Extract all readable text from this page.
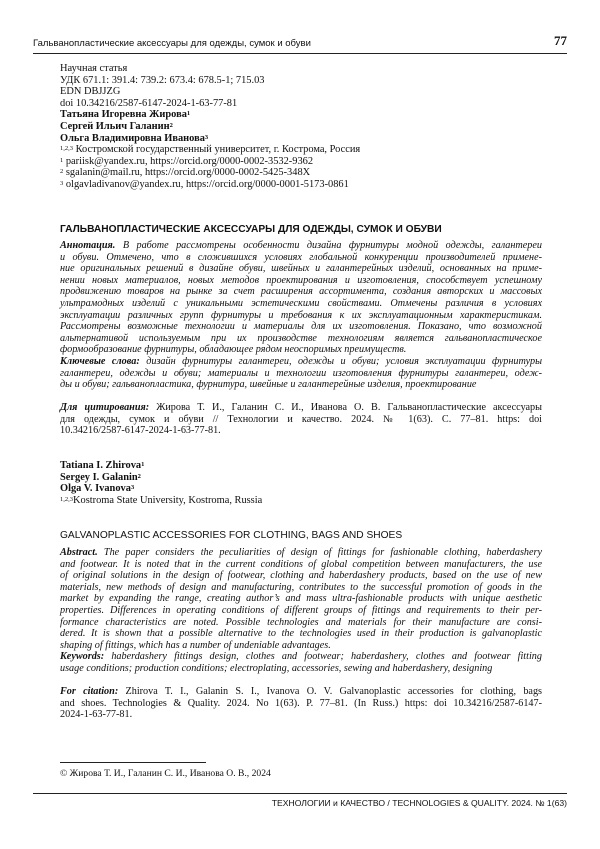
Гальванопластические аксессуары для одежды, сумок и обуви	77
Научная статья
УДК 671.1: 391.4: 739.2: 673.4: 678.5-1; 715.03
EDN DBJJZG
doi 10.34216/2587-6147-2024-1-63-77-81
Татьяна Игоревна Жирова$^1$
Сергей Ильич Галанин$^2$
Ольга Владимировна Иванова$^3$
$^{1,2,3}$ Костромской государственный университет, г. Кострома, Россия
$^1$ pariisk@yandex.ru, https://orcid.org/0000-0002-3532-9362
$^2$ sgalanin@mail.ru, https://orcid.org/0000-0002-5425-348X
$^3$ olgavladivanov@yandex.ru, https://orcid.org/0000-0001-5173-0861
ГАЛЬВАНОПЛАСТИЧЕСКИЕ АКСЕССУАРЫ ДЛЯ ОДЕЖДЫ, СУМОК И ОБУВИ
Аннотация. В работе рассмотрены особенности дизайна фурнитуры модной одежды, галантереи
и обуви. Отмечено, что в сложившихся условиях глобальной конкуренции производителей примене-
ние оригинальных решений в дизайне обуви, швейных и галантерейных изделий, основанных на приме-
нении новых материалов, новых методов проектирования и изготовления, способствует успешному
продвижению товаров на рынке за счет расширения ассортимента, создания авторских и массовых
ультрамодных изделий с уникальными эстетическими свойствами. Отмечены различия в условиях
эксплуатации различных групп фурнитуры и требования к их эксплуатационным характеристикам.
Рассмотрены возможные технологии и материалы для их изготовления. Показано, что возможной
альтернативой используемым при их производстве технологиям является гальванопластическое
формообразование фурнитуры, обладающее рядом неоспоримых преимуществ.
Ключевые слова: дизайн фурнитуры галантереи, одежды и обуви; условия эксплуатации фурнитуры
галантереи, одежды и обуви; материалы и технологии изготовления фурнитуры галантереи, одеж-
ды и обуви; гальванопластика, фурнитура, швейные и галантерейные изделия, проектирование
Для цитирования: Жирова Т. И., Галанин С. И., Иванова О. В. Гальванопластические аксессуары
для одежды, сумок и обуви // Технологии и качество. 2024. № 1(63). С. 77–81. https: doi
10.34216/2587-6147-2024-1-63-77-81.
Tatiana I. Zhirova$^1$
Sergey I. Galanin$^2$
Olga V. Ivanova$^3$
$^{1,2,3}$Kostroma State University, Kostroma, Russia
GALVANOPLASTIC ACCESSORIES FOR CLOTHING, BAGS AND SHOES
Abstract. The paper considers the peculiarities of design of fittings for fashionable clothing, haberdashery
and footwear. It is noted that in the current conditions of global competition between manufacturers, the use
of original solutions in the design of footwear, clothing and haberdashery products, based on the use of new
materials, new methods of design and manufacturing, contributes to the successful promotion of goods in the
market by expanding the range, creating author’s and mass ultra-fashionable products with unique aesthetic
properties. Differences in operating conditions of different groups of fittings and requirements to their per-
formance characteristics are noted. Possible technologies and materials for their manufacture are consi-
dered. It is shown that a possible alternative to the technologies used in their production is galvanoplastic
shaping of fittings, which has a number of undeniable advantages.
Keywords: haberdashery fittings design, clothes and footwear; haberdashery, clothes and footwear fitting
usage conditions; production conditions; electroplating, accessories, sewing and haberdashery, designing
For citation: Zhirova T. I., Galanin S. I., Ivanova O. V. Galvanoplastic accessories for clothing, bags
and shoes. Technologies & Quality. 2024. No 1(63). P. 77–81. (In Russ.) https: doi 10.34216/2587-6147-
2024-1-63-77-81.
© Жирова Т. И., Галанин С. И., Иванова О. В., 2024
ТЕХНОЛОГИИ и КАЧЕСТВО / TECHNOLOGIES & QUALITY. 2024. № 1(63)
